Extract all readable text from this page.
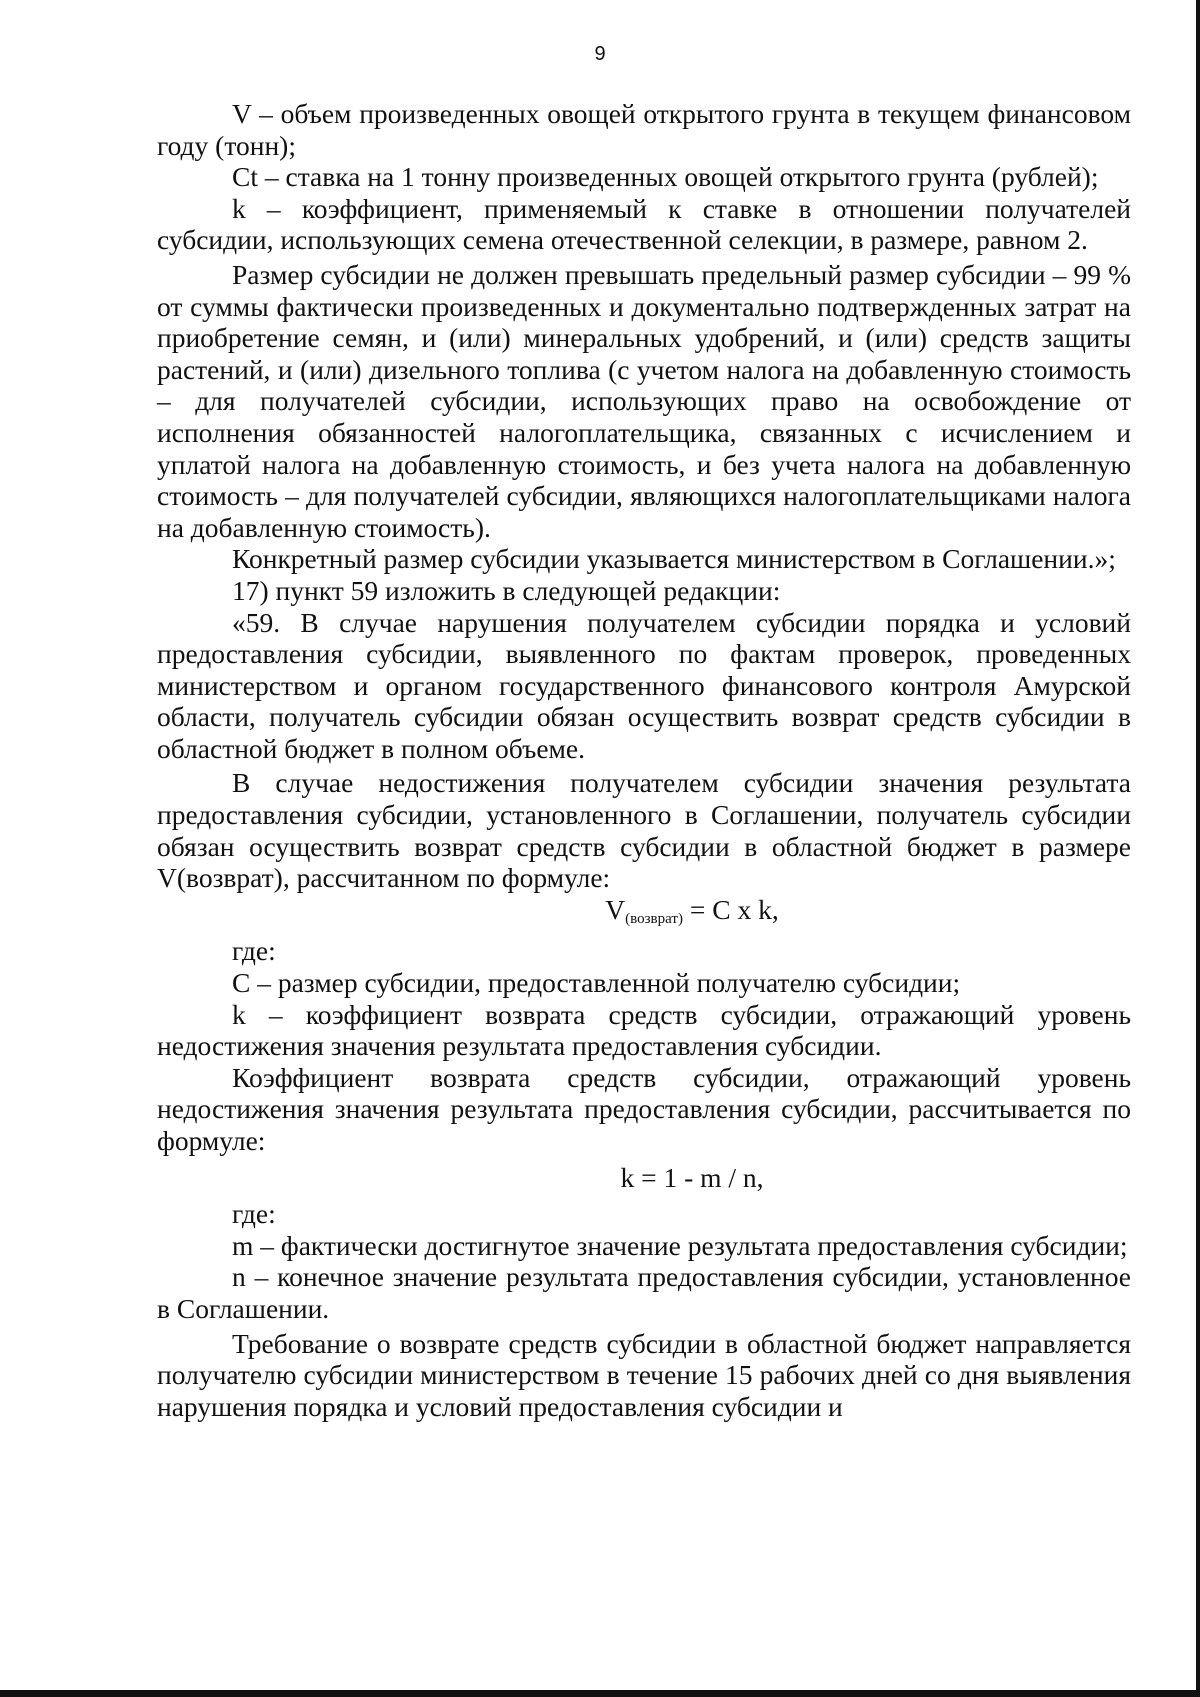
9

V – объем произведенных овощей открытого грунта в текущем финансовом году (тонн);

Ct – ставка на 1 тонну произведенных овощей открытого грунта (рублей);

k – коэффициент, применяемый к ставке в отношении получателей субсидии, использующих семена отечественной селекции, в размере, равном 2.

Размер субсидии не должен превышать предельный размер субсидии – 99 % от суммы фактически произведенных и документально подтвержденных затрат на приобретение семян, и (или) минеральных удобрений, и (или) средств защиты растений, и (или) дизельного топлива (с учетом налога на добавленную стоимость – для получателей субсидии, использующих право на освобождение от исполнения обязанностей налогоплательщика, связанных с исчислением и уплатой налога на добавленную стоимость, и без учета налога на добавленную стоимость – для получателей субсидии, являющихся налогоплательщиками налога на добавленную стоимость).

Конкретный размер субсидии указывается министерством в Соглашении.»;

17) пункт 59 изложить в следующей редакции:

«59. В случае нарушения получателем субсидии порядка и условий предоставления субсидии, выявленного по фактам проверок, проведенных министерством и органом государственного финансового контроля Амурской области, получатель субсидии обязан осуществить возврат средств субсидии в областной бюджет в полном объеме.

В случае недостижения получателем субсидии значения результата предоставления субсидии, установленного в Соглашении, получатель субсидии обязан осуществить возврат средств субсидии в областной бюджет в размере V(возврат), рассчитанном по формуле:

$V_{(возврат)} = C$ x k,

где:

C – размер субсидии, предоставленной получателю субсидии;

k – коэффициент возврата средств субсидии, отражающий уровень недостижения значения результата предоставления субсидии.

Коэффициент возврата средств субсидии, отражающий уровень недостижения значения результата предоставления субсидии, рассчитывается по формуле:

k = 1 - m / n,

где:

m – фактически достигнутое значение результата предоставления субсидии;

n – конечное значение результата предоставления субсидии, установленное в Соглашении.

Требование о возврате средств субсидии в областной бюджет направляется получателю субсидии министерством в течение 15 рабочих дней со дня выявления нарушения порядка и условий предоставления субсидии и
